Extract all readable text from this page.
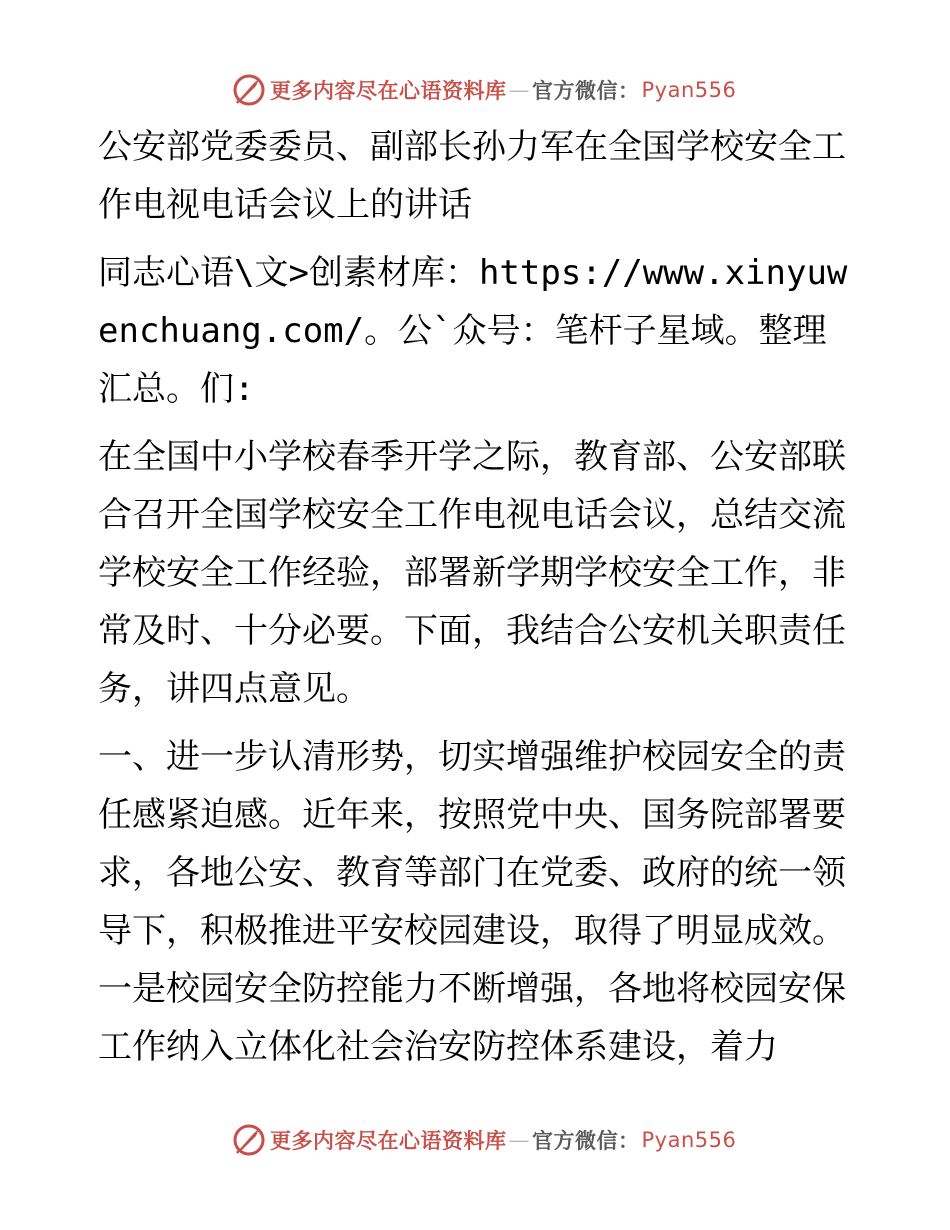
更多内容尽在心语资料库 — 官方微信： Pyan556

公安部党委委员、副部长孙力军在全国学校安全工作电视电话会议上的讲话

同志心语\文>创素材库：https://www.xinyuwenchuang.com/。公`众号：笔杆子星域。整理汇总。们:

在全国中小学校春季开学之际，教育部、公安部联合召开全国学校安全工作电视电话会议，总结交流学校安全工作经验，部署新学期学校安全工作，非常及时、十分必要。下面，我结合公安机关职责任务，讲四点意见。

一、进一步认清形势，切实增强维护校园安全的责任感紧迫感。近年来，按照党中央、国务院部署要求，各地公安、教育等部门在党委、政府的统一领导下，积极推进平安校园建设，取得了明显成效。一是校园安全防控能力不断增强，各地将校园安保工作纳入立体化社会治安防控体系建设，着力

更多内容尽在心语资料库 — 官方微信： Pyan556
